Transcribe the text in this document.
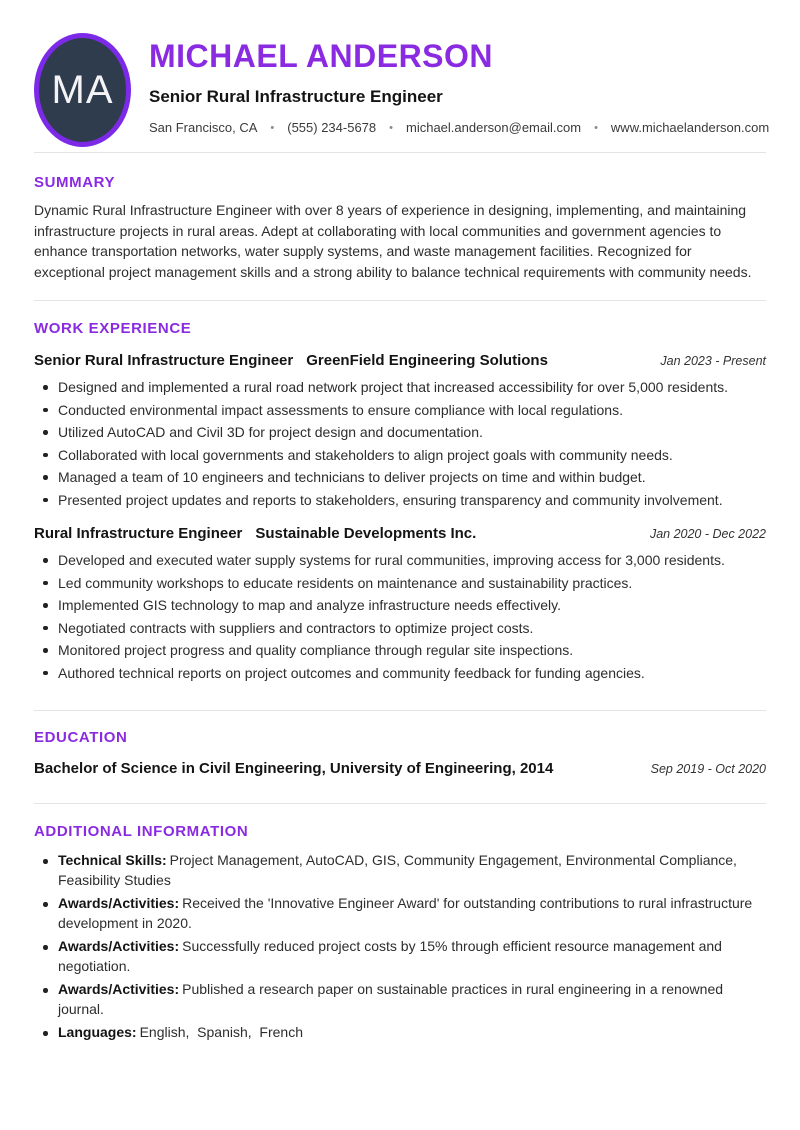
MA
MICHAEL ANDERSON
Senior Rural Infrastructure Engineer
San Francisco, CA • (555) 234-5678 • michael.anderson@email.com • www.michaelanderson.com
SUMMARY

Dynamic Rural Infrastructure Engineer with over 8 years of experience in designing, implementing, and maintaining infrastructure projects in rural areas. Adept at collaborating with local communities and government agencies to enhance transportation networks, water supply systems, and waste management facilities. Recognized for exceptional project management skills and a strong ability to balance technical requirements with community needs.

WORK EXPERIENCE
Senior Rural Infrastructure Engineer GreenField Engineering Solutions	Jan 2023 - Present
Designed and implemented a rural road network project that increased accessibility for over 5,000 residents.
Conducted environmental impact assessments to ensure compliance with local regulations.
Utilized AutoCAD and Civil 3D for project design and documentation.
Collaborated with local governments and stakeholders to align project goals with community needs.
Managed a team of 10 engineers and technicians to deliver projects on time and within budget.
Presented project updates and reports to stakeholders, ensuring transparency and community involvement.
Rural Infrastructure Engineer Sustainable Developments Inc.	Jan 2020 - Dec 2022
Developed and executed water supply systems for rural communities, improving access for 3,000 residents.
Led community workshops to educate residents on maintenance and sustainability practices.
Implemented GIS technology to map and analyze infrastructure needs effectively.
Negotiated contracts with suppliers and contractors to optimize project costs.
Monitored project progress and quality compliance through regular site inspections.
Authored technical reports on project outcomes and community feedback for funding agencies.
EDUCATION
Bachelor of Science in Civil Engineering, University of Engineering, 2014	Sep 2019 - Oct 2020
ADDITIONAL INFORMATION
Technical Skills: Project Management, AutoCAD, GIS, Community Engagement, Environmental Compliance, Feasibility Studies
Awards/Activities: Received the 'Innovative Engineer Award' for outstanding contributions to rural infrastructure development in 2020.
Awards/Activities: Successfully reduced project costs by 15% through efficient resource management and negotiation.
Awards/Activities: Published a research paper on sustainable practices in rural engineering in a renowned journal.
Languages: English,  Spanish,  French
